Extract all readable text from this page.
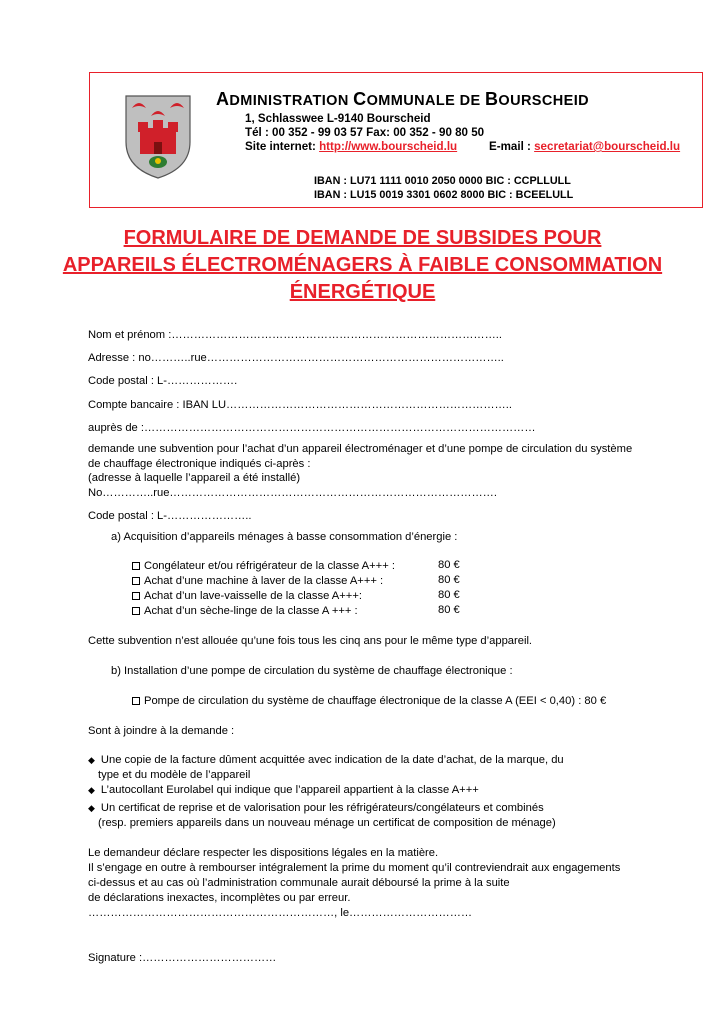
ADMINISTRATION COMMUNALE DE BOURSCHEID
1, Schlasswee L-9140 Bourscheid
Tél : 00 352 - 99 03 57 Fax: 00 352 - 90 80 50
Site internet: http://www.bourscheid.lu	E-mail : secretariat@bourscheid.lu
IBAN : LU71 1111 0010 2050 0000 BIC : CCPLLULL
IBAN : LU15 0019 3301 0602 8000 BIC : BCEELULL
FORMULAIRE DE DEMANDE DE SUBSIDES POUR
APPAREILS ÉLECTROMÉNAGERS À FAIBLE CONSOMMATION
ÉNERGÉTIQUE
Nom et prénom :……………………………………………………………………………..
Adresse : no………..rue……………………………………………………………………..
Code postal : L-……………….
Compte bancaire : IBAN LU…………………………………………………………………..
auprès de :……………………………………………………………………………………………
demande une subvention pour l’achat d’un appareil électroménager et d’une pompe de circulation du système
de chauffage électronique indiqués ci-après :
(adresse à laquelle l’appareil a été installé)
No…………..rue…………………………………………………………………………….
Code postal : L-…………………..
a) Acquisition d’appareils ménages à basse consommation d’énergie :
Congélateur et/ou réfrigérateur de la classe A+++ :	80 €
Achat d’une machine à laver de la classe A+++ :	80 €
Achat d’un lave-vaisselle de la classe A+++:	80 €
Achat d’un sèche-linge de la classe A +++ :	80 €
Cette subvention n’est allouée qu’une fois tous les cinq ans pour le même type d’appareil.
b) Installation d’une pompe de circulation du système de chauffage électronique :
Pompe de circulation du système de chauffage électronique de la classe A (EEI < 0,40) : 80 €
Sont à joindre à la demande :
◆ Une copie de la facture dûment acquittée avec indication de la date d’achat, de la marque, du
type et du modèle de l’appareil
◆ L’autocollant Eurolabel qui indique que l’appareil appartient à la classe A+++
◆ Un certificat de reprise et de valorisation pour les réfrigérateurs/congélateurs et combinés
(resp. premiers appareils dans un nouveau ménage un certificat de composition de ménage)
Le demandeur déclare respecter les dispositions légales en la matière.
Il s’engage en outre à rembourser intégralement la prime du moment qu’il contreviendrait aux engagements
ci-dessus et au cas où l’administration communale aurait déboursé la prime à la suite
de déclarations inexactes, incomplètes ou par erreur.
…………………………………………………………, le……………………………
Signature :………………………………
